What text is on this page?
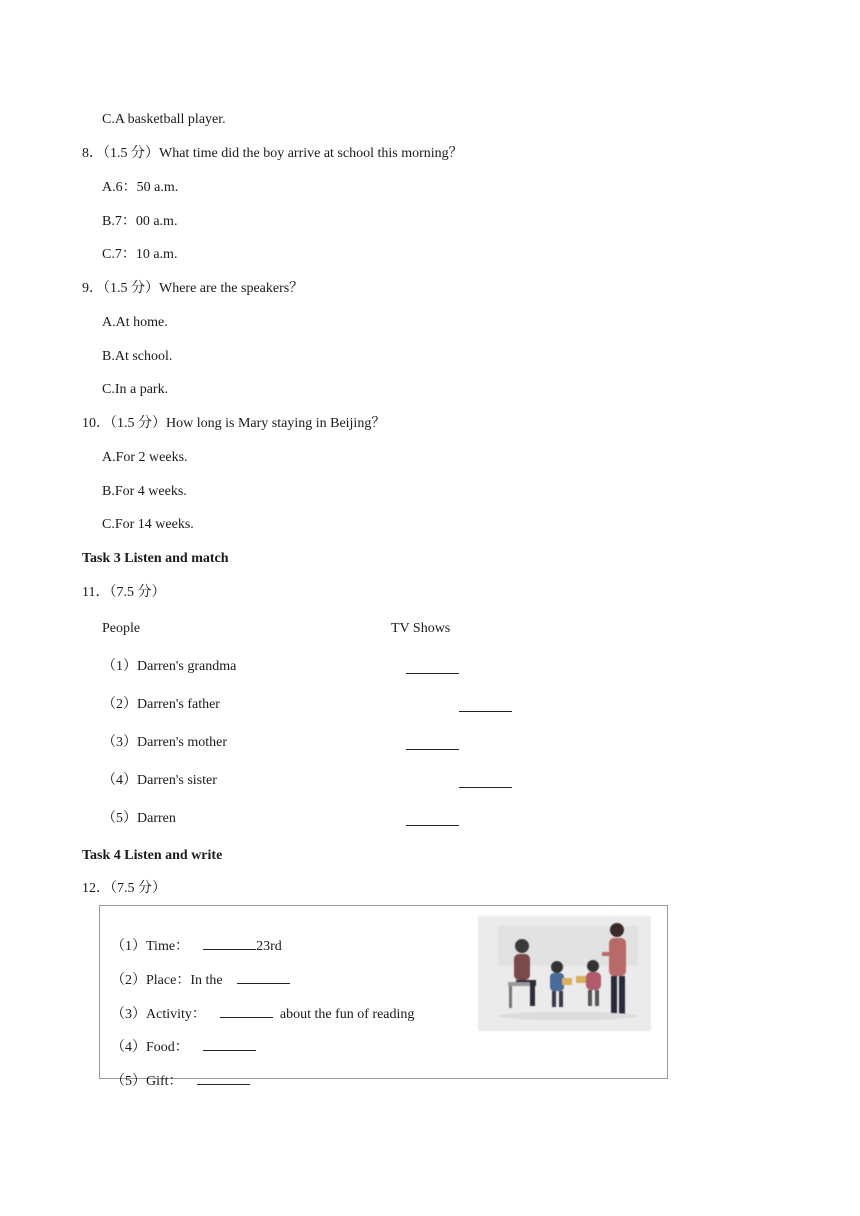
C.A basketball player.
8．（1.5 分）What time did the boy arrive at school this morning？
A.6：50 a.m.
B.7：00 a.m.
C.7：10 a.m.
9．（1.5 分）Where are the speakers？
A.At home.
B.At school.
C.In a park.
10．（1.5 分）How long is Mary staying in Beijing？
A.For 2 weeks.
B.For 4 weeks.
C.For 14 weeks.
Task 3 Listen and match
11．（7.5 分）
People	TV Shows
（1）Darren's grandma
（2）Darren's father
（3）Darren's mother
（4）Darren's sister
（5）Darren
Task 4 Listen and write
12．（7.5 分）

（1）Time：	23rd

（2）Place：In the

（3）Activity：	about the fun of reading

（4）Food：

（5）Gift：
